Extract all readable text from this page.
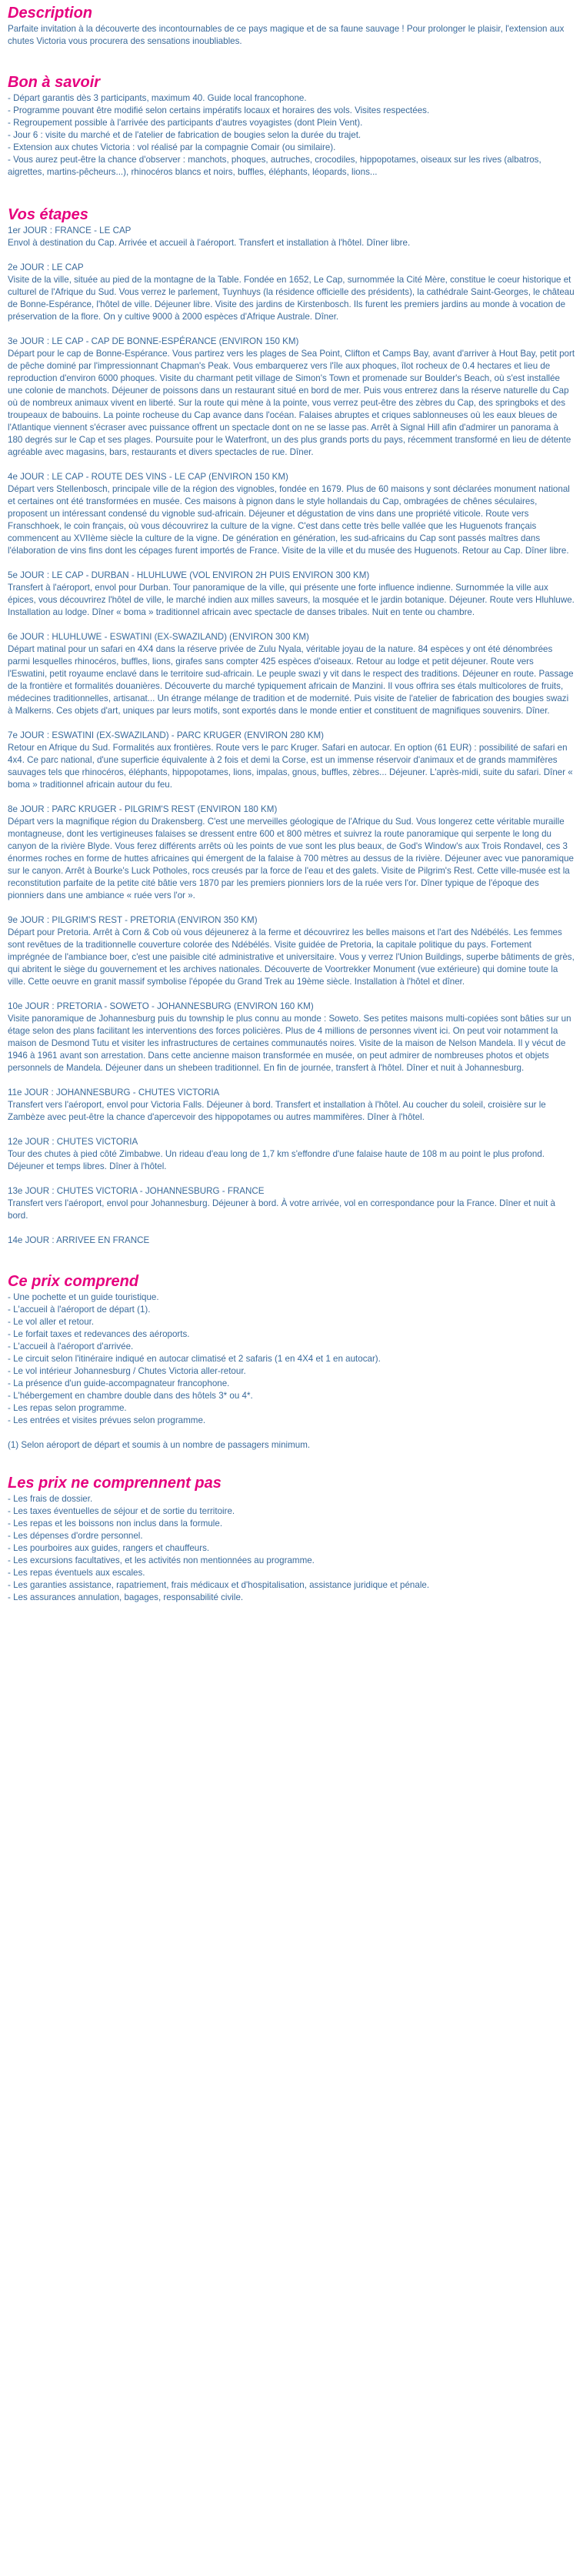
Description

Parfaite invitation à la découverte des incontournables de ce pays magique et de sa faune sauvage ! Pour prolonger le plaisir, l'extension aux chutes Victoria vous procurera des sensations inoubliables.

Bon à savoir
- Départ garantis dès 3 participants, maximum 40. Guide local francophone.
- Programme pouvant être modifié selon certains impératifs locaux et horaires des vols. Visites respectées.
- Regroupement possible à l'arrivée des participants d'autres voyagistes (dont Plein Vent).
- Jour 6 : visite du marché et de l'atelier de fabrication de bougies selon la durée du trajet.
- Extension aux chutes Victoria : vol réalisé par la compagnie Comair (ou similaire).
- Vous aurez peut-être la chance d'observer : manchots, phoques, autruches, crocodiles, hippopotames, oiseaux sur les rives (albatros, aigrettes, martins-pêcheurs...), rhinocéros blancs et noirs, buffles, éléphants, léopards, lions...
Vos étapes

1er JOUR : FRANCE - LE CAP
Envol à destination du Cap. Arrivée et accueil à l'aéroport. Transfert et installation à l'hôtel. Dîner libre.

2e JOUR : LE CAP
Visite de la ville, située au pied de la montagne de la Table. Fondée en 1652, Le Cap, surnommée la Cité Mère, constitue le coeur historique et culturel de l'Afrique du Sud. Vous verrez le parlement, Tuynhuys (la résidence officielle des présidents), la cathédrale Saint-Georges, le château de Bonne-Espérance, l'hôtel de ville. Déjeuner libre. Visite des jardins de Kirstenbosch. Ils furent les premiers jardins au monde à vocation de préservation de la flore. On y cultive 9000 à 2000 espèces d'Afrique Australe. Dîner.

3e JOUR : LE CAP - CAP DE BONNE-ESPÉRANCE (ENVIRON 150 KM)
Départ pour le cap de Bonne-Espérance. Vous partirez vers les plages de Sea Point, Clifton et Camps Bay, avant d'arriver à Hout Bay, petit port de pêche dominé par l'impressionnant Chapman's Peak. Vous embarquerez vers l'île aux phoques, îlot rocheux de 0.4 hectares et lieu de reproduction d'environ 6000 phoques. Visite du charmant petit village de Simon's Town et promenade sur Boulder's Beach, où s'est installée une colonie de manchots. Déjeuner de poissons dans un restaurant situé en bord de mer. Puis vous entrerez dans la réserve naturelle du Cap où de nombreux animaux vivent en liberté. Sur la route qui mène à la pointe, vous verrez peut-être des zèbres du Cap, des springboks et des troupeaux de babouins. La pointe rocheuse du Cap avance dans l'océan. Falaises abruptes et criques sablonneuses où les eaux bleues de l'Atlantique viennent s'écraser avec puissance offrent un spectacle dont on ne se lasse pas. Arrêt à Signal Hill afin d'admirer un panorama à 180 degrés sur le Cap et ses plages. Poursuite pour le Waterfront, un des plus grands ports du pays, récemment transformé en lieu de détente agréable avec magasins, bars, restaurants et divers spectacles de rue. Dîner.

4e JOUR : LE CAP - ROUTE DES VINS - LE CAP (ENVIRON 150 KM)
Départ vers Stellenbosch, principale ville de la région des vignobles, fondée en 1679. Plus de 60 maisons y sont déclarées monument national et certaines ont été transformées en musée. Ces maisons à pignon dans le style hollandais du Cap, ombragées de chênes séculaires, proposent un intéressant condensé du vignoble sud-africain. Déjeuner et dégustation de vins dans une propriété viticole. Route vers Franschhoek, le coin français, où vous découvrirez la culture de la vigne. C'est dans cette très belle vallée que les Huguenots français commencent au XVIIème siècle la culture de la vigne. De génération en génération, les sud-africains du Cap sont passés maîtres dans l'élaboration de vins fins dont les cépages furent importés de France. Visite de la ville et du musée des Huguenots. Retour au Cap. Dîner libre.

5e JOUR : LE CAP - DURBAN - HLUHLUWE (VOL ENVIRON 2H PUIS ENVIRON 300 KM)
Transfert à l'aéroport, envol pour Durban. Tour panoramique de la ville, qui présente une forte influence indienne. Surnommée la ville aux épices, vous découvrirez l'hôtel de ville, le marché indien aux milles saveurs, la mosquée et le jardin botanique. Déjeuner. Route vers Hluhluwe. Installation au lodge. Dîner « boma » traditionnel africain avec spectacle de danses tribales. Nuit en tente ou chambre.

6e JOUR : HLUHLUWE - ESWATINI (EX-SWAZILAND) (ENVIRON 300 KM)
Départ matinal pour un safari en 4X4 dans la réserve privée de Zulu Nyala, véritable joyau de la nature. 84 espèces y ont été dénombrées parmi lesquelles rhinocéros, buffles, lions, girafes sans compter 425 espèces d'oiseaux. Retour au lodge et petit déjeuner. Route vers l'Eswatini, petit royaume enclavé dans le territoire sud-africain. Le peuple swazi y vit dans le respect des traditions. Déjeuner en route. Passage de la frontière et formalités douanières. Découverte du marché typiquement africain de Manzini. Il vous offrira ses étals multicolores de fruits, médecines traditionnelles, artisanat... Un étrange mélange de tradition et de modernité. Puis visite de l'atelier de fabrication des bougies swazi à Malkerns. Ces objets d'art, uniques par leurs motifs, sont exportés dans le monde entier et constituent de magnifiques souvenirs. Dîner.

7e JOUR : ESWATINI (EX-SWAZILAND) - PARC KRUGER (ENVIRON 280 KM)
Retour en Afrique du Sud. Formalités aux frontières. Route vers le parc Kruger. Safari en autocar. En option (61 EUR) : possibilité de safari en 4x4. Ce parc national, d'une superficie équivalente à 2 fois et demi la Corse, est un immense réservoir d'animaux et de grands mammifères sauvages tels que rhinocéros, éléphants, hippopotames, lions, impalas, gnous, buffles, zèbres... Déjeuner. L'après-midi, suite du safari. Dîner « boma » traditionnel africain autour du feu.

8e JOUR : PARC KRUGER - PILGRIM'S REST (ENVIRON 180 KM)
Départ vers la magnifique région du Drakensberg. C'est une merveilles géologique de l'Afrique du Sud. Vous longerez cette véritable muraille montagneuse, dont les vertigineuses falaises se dressent entre 600 et 800 mètres et suivrez la route panoramique qui serpente le long du canyon de la rivière Blyde. Vous ferez différents arrêts où les points de vue sont les plus beaux, de God's Window's aux Trois Rondavel, ces 3 énormes roches en forme de huttes africaines qui émergent de la falaise à 700 mètres au dessus de la rivière. Déjeuner avec vue panoramique sur le canyon. Arrêt à Bourke's Luck Potholes, rocs creusés par la force de l'eau et des galets. Visite de Pilgrim's Rest. Cette ville-musée est la reconstitution parfaite de la petite cité bâtie vers 1870 par les premiers pionniers lors de la ruée vers l'or. Dîner typique de l'époque des pionniers dans une ambiance « ruée vers l'or ».

9e JOUR : PILGRIM'S REST - PRETORIA (ENVIRON 350 KM)
Départ pour Pretoria. Arrêt à Corn & Cob où vous déjeunerez à la ferme et découvrirez les belles maisons et l'art des Ndébélés. Les femmes sont revêtues de la traditionnelle couverture colorée des Ndébélés. Visite guidée de Pretoria, la capitale politique du pays. Fortement imprégnée de l'ambiance boer, c'est une paisible cité administrative et universitaire. Vous y verrez l'Union Buildings, superbe bâtiments de grès, qui abritent le siège du gouvernement et les archives nationales. Découverte de Voortrekker Monument (vue extérieure) qui domine toute la ville. Cette oeuvre en granit massif symbolise l'épopée du Grand Trek au 19ème siècle. Installation à l'hôtel et dîner.

10e JOUR : PRETORIA - SOWETO - JOHANNESBURG (ENVIRON 160 KM)
Visite panoramique de Johannesburg puis du township le plus connu au monde : Soweto. Ses petites maisons multi-copiées sont bâties sur un étage selon des plans facilitant les interventions des forces policières. Plus de 4 millions de personnes vivent ici. On peut voir notamment la maison de Desmond Tutu et visiter les infrastructures de certaines communautés noires. Visite de la maison de Nelson Mandela. Il y vécut de 1946 à 1961 avant son arrestation. Dans cette ancienne maison transformée en musée, on peut admirer de nombreuses photos et objets personnels de Mandela. Déjeuner dans un shebeen traditionnel. En fin de journée, transfert à l'hôtel. Dîner et nuit à Johannesburg.

11e JOUR : JOHANNESBURG - CHUTES VICTORIA
Transfert vers l'aéroport, envol pour Victoria Falls. Déjeuner à bord. Transfert et installation à l'hôtel. Au coucher du soleil, croisière sur le Zambèze avec peut-être la chance d'apercevoir des hippopotames ou autres mammifères. Dîner à l'hôtel.

12e JOUR : CHUTES VICTORIA
Tour des chutes à pied côté Zimbabwe. Un rideau d'eau long de 1,7 km s'effondre d'une falaise haute de 108 m au point le plus profond. Déjeuner et temps libres. Dîner à l'hôtel.

13e JOUR : CHUTES VICTORIA - JOHANNESBURG - FRANCE
Transfert vers l'aéroport, envol pour Johannesburg. Déjeuner à bord. À votre arrivée, vol en correspondance pour la France. Dîner et nuit à bord.

14e JOUR : ARRIVEE EN FRANCE

Ce prix comprend
- Une pochette et un guide touristique.
- L'accueil à l'aéroport de départ (1).
- Le vol aller et retour.
- Le forfait taxes et redevances des aéroports.
- L'accueil à l'aéroport d'arrivée.
- Le circuit selon l'itinéraire indiqué en autocar climatisé et 2 safaris (1 en 4X4 et 1 en autocar).
- Le vol intérieur Johannesburg / Chutes Victoria aller-retour.
- La présence d'un guide-accompagnateur francophone.
- L'hébergement en chambre double dans des hôtels 3* ou 4*.
- Les repas selon programme.
- Les entrées et visites prévues selon programme.
(1) Selon aéroport de départ et soumis à un nombre de passagers minimum.
Les prix ne comprennent pas
- Les frais de dossier.
- Les taxes éventuelles de séjour et de sortie du territoire.
- Les repas et les boissons non inclus dans la formule.
- Les dépenses d'ordre personnel.
- Les pourboires aux guides, rangers et chauffeurs.
- Les excursions facultatives, et les activités non mentionnées au programme.
- Les repas éventuels aux escales.
- Les garanties assistance, rapatriement, frais médicaux et d'hospitalisation, assistance juridique et pénale.
- Les assurances annulation, bagages, responsabilité civile.
